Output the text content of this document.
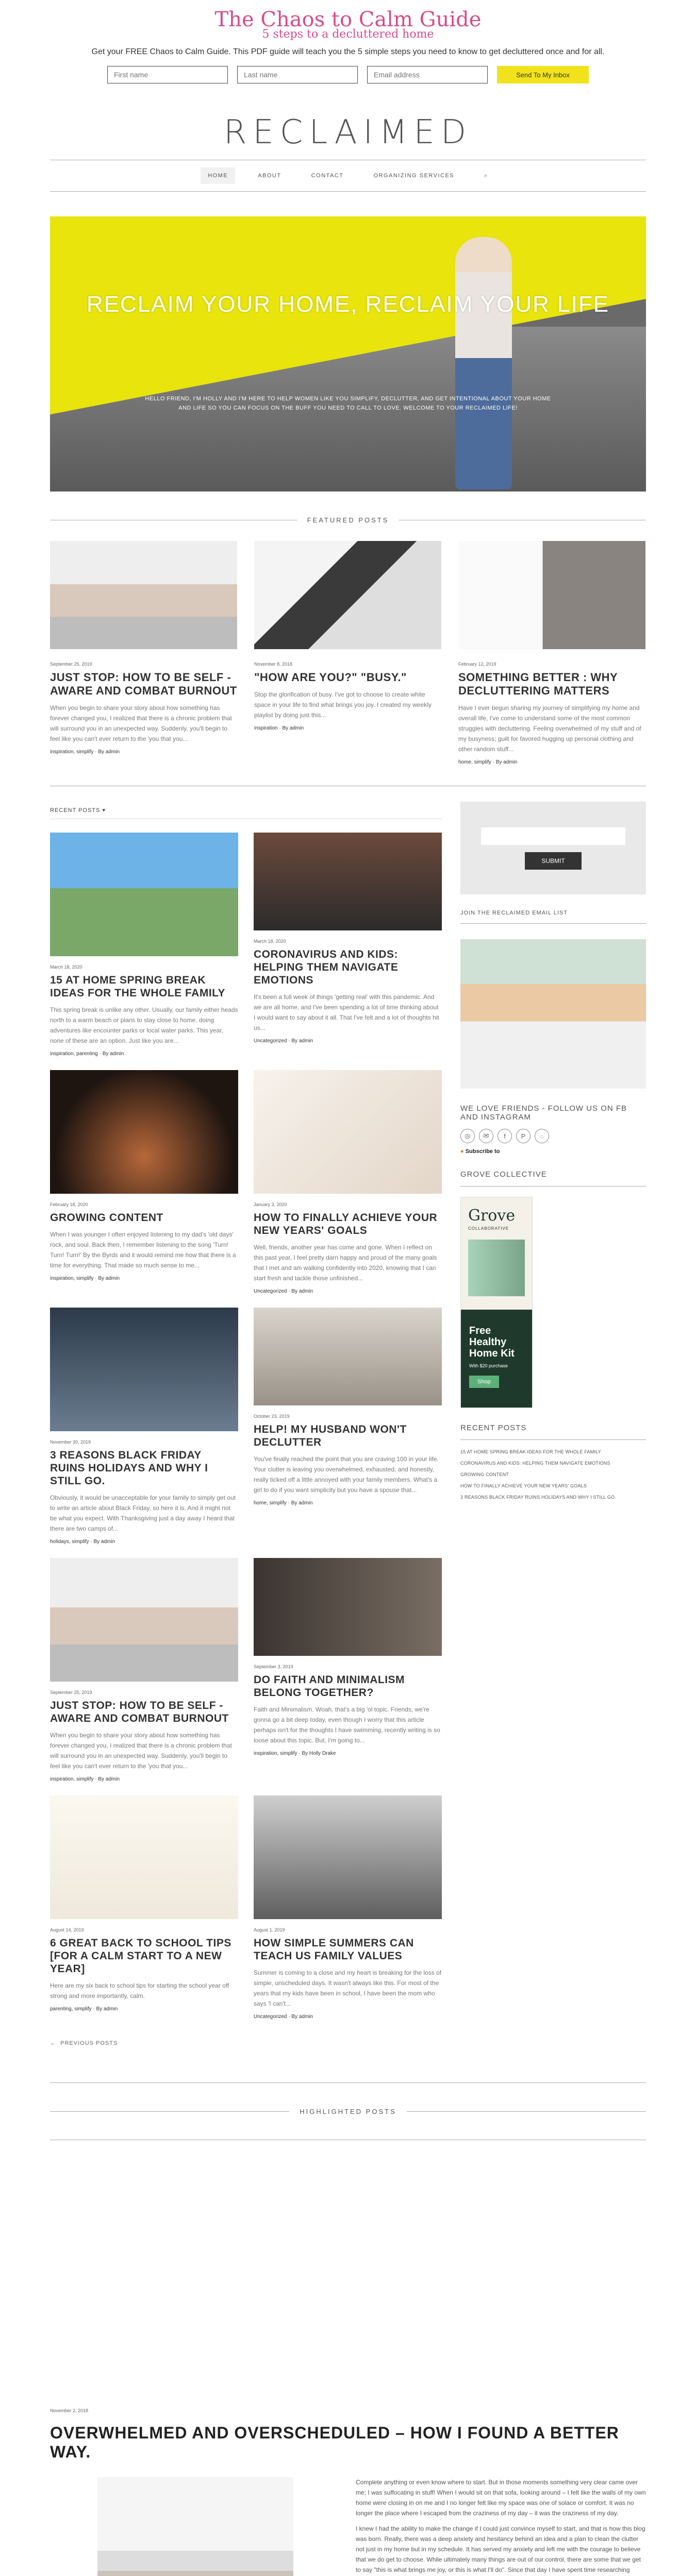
The Chaos to Calm Guide
5 steps to a decluttered home

Get your FREE Chaos to Calm Guide. This PDF guide will teach you the 5 simple steps you need to know to get decluttered once and for all.

First name
Last name
Email address
Send To My Inbox
RECLAIMED
HOME	ABOUT	CONTACT	ORGANIZING SERVICES	⌕
RECLAIM YOUR HOME, RECLAIM YOUR LIFE

HELLO FRIEND, I'M HOLLY AND I'M HERE TO HELP WOMEN LIKE YOU SIMPLIFY, DECLUTTER, AND GET INTENTIONAL ABOUT YOUR HOME AND LIFE SO YOU CAN FOCUS ON THE BUFF YOU NEED TO CALL TO LOVE. WELCOME TO YOUR RECLAIMED LIFE!

FEATURED POSTS
September 25, 2019
JUST STOP: HOW TO BE SELF - AWARE AND COMBAT BURNOUT

When you begin to share your story about how something has forever changed you, I realized that there is a chronic problem that will surround you in an unexpected way. Suddenly, you'll begin to feel like you can't ever return to the 'you that you...

inspiration, simplify · By admin
November 8, 2018
"HOW ARE YOU?" "BUSY."

Stop the glorification of busy. I've got to choose to create white space in your life to find what brings you joy. I created my weekly playlist by doing just this...

inspiration · By admin
February 12, 2019
SOMETHING BETTER : WHY DECLUTTERING MATTERS

Have I ever begun sharing my journey of simplifying my home and overall life, I've come to understand some of the most common struggles with decluttering. Feeling overwhelmed of my stuff and of my busyness; guilt for favored hugging up personal clothing and other random stuff...

home, simplify · By admin
RECENT POSTS ▾
March 18, 2020
15 AT HOME SPRING BREAK IDEAS FOR THE WHOLE FAMILY

This spring break is unlike any other. Usually, our family either heads north to a warm beach or plans to stay close to home, doing adventures like encounter parks or local water parks. This year, none of these are an option. Just like you are...

inspiration, parenting · By admin
March 18, 2020
CORONAVIRUS AND KIDS: HELPING THEM NAVIGATE EMOTIONS

It's been a full week of things 'getting real' with this pandemic. And we are all home, and I've been spending a lot of time thinking about I would want to say about it all. That I've felt and a lot of thoughts hit us...

Uncategorized · By admin
February 18, 2020
GROWING CONTENT

When I was younger I often enjoyed listening to my dad's 'old days' rock, and soul. Back then, I remember listening to the song 'Turn! Turn! Turn!' By the Byrds and it would remind me how that there is a time for everything. That made so much sense to me...

inspiration, simplify · By admin
January 3, 2020
HOW TO FINALLY ACHIEVE YOUR NEW YEARS' GOALS

Well, friends, another year has come and gone. When I reflect on this past year, I feel pretty darn happy and proud of the many goals that I met and am walking confidently into 2020, knowing that I can start fresh and tackle those unfinished...

Uncategorized · By admin
November 30, 2019
3 REASONS BLACK FRIDAY RUINS HOLIDAYS AND WHY I STILL GO.

Obviously, it would be unacceptable for your family to simply get out to write an article about Black Friday, so here it is. And it might not be what you expect. With Thanksgiving just a day away I heard that there are two camps of...

holidays, simplify · By admin
October 23, 2019
HELP! MY HUSBAND WON'T DECLUTTER

You've finally reached the point that you are craving 100 in your life. Your clutter is leaving you overwhelmed, exhausted, and honestly, really ticked off a little annoyed with your family members. What's a girl to do if you want simplicity but you have a spouse that...

home, simplify · By admin
September 25, 2019
JUST STOP: HOW TO BE SELF - AWARE AND COMBAT BURNOUT

When you begin to share your story about how something has forever changed you, I realized that there is a chronic problem that will surround you in an unexpected way. Suddenly, you'll begin to feel like you can't ever return to the 'you that you...

inspiration, simplify · By admin
September 3, 2019
DO FAITH AND MINIMALISM BELONG TOGETHER?

Faith and Minimalism. Woah, that's a big 'ol topic. Friends, we're gonna go a bit deep today, even though I worry that this article perhaps isn't for the thoughts I have swimming, recently writing is so loose about this topic. But, I'm going to...

inspiration, simplify · By Holly Drake
August 14, 2019
6 GREAT BACK TO SCHOOL TIPS [FOR A CALM START TO A NEW YEAR]

Here are my six back to school tips for starting the school year off strong and more importantly, calm.

parenting, simplify · By admin
August 1, 2019
HOW SIMPLE SUMMERS CAN TEACH US FAMILY VALUES

Summer is coming to a close and my heart is breaking for the loss of simple, unscheduled days. It wasn't always like this. For most of the years that my kids have been in school, I have been the mom who says 'I can't...

Uncategorized · By admin
← PREVIOUS POSTS
SUBMIT
JOIN THE RECLAIMED EMAIL LIST
WE LOVE FRIENDS - FOLLOW US ON FB AND INSTAGRAM
◎	✉	f	P	◌
● Subscribe to
GROVE COLLECTIVE
Grove
COLLABORATIVE
Free Healthy Home Kit
With $20 purchase
Shop
RECENT POSTS
15 AT HOME SPRING BREAK IDEAS FOR THE WHOLE FAMILY
CORONAVIRUS AND KIDS: HELPING THEM NAVIGATE EMOTIONS
GROWING CONTENT
HOW TO FINALLY ACHIEVE YOUR NEW YEARS' GOALS
3 REASONS BLACK FRIDAY RUINS HOLIDAYS AND WHY I STILL GO.
HIGHLIGHTED POSTS
November 2, 2018
OVERWHELMED AND OVERSCHEDULED – HOW I FOUND A BETTER WAY.

Complete anything or even know where to start. But in those moments something very clear came over me; I was suffocating in stuff! When I would sit on that sofa, looking around – I felt like the walls of my own home were closing in on me and I no longer felt like my space was one of solace or comfort. It was no longer the place where I escaped from the craziness of my day – it was the craziness of my day.

I knew I had the ability to make the change if I could just convince myself to start, and that is how this blog was born. Really, there was a deep anxiety and hesitancy behind an idea and a plan to clean the clutter not just in my home but in my schedule. It has served my anxiety and left me with the courage to believe that we do get to choose. While ultimately many things are out of our control, there are some that we get to say "this is what brings me joy, or this is what I'll do". Since that day I have spent time researching
